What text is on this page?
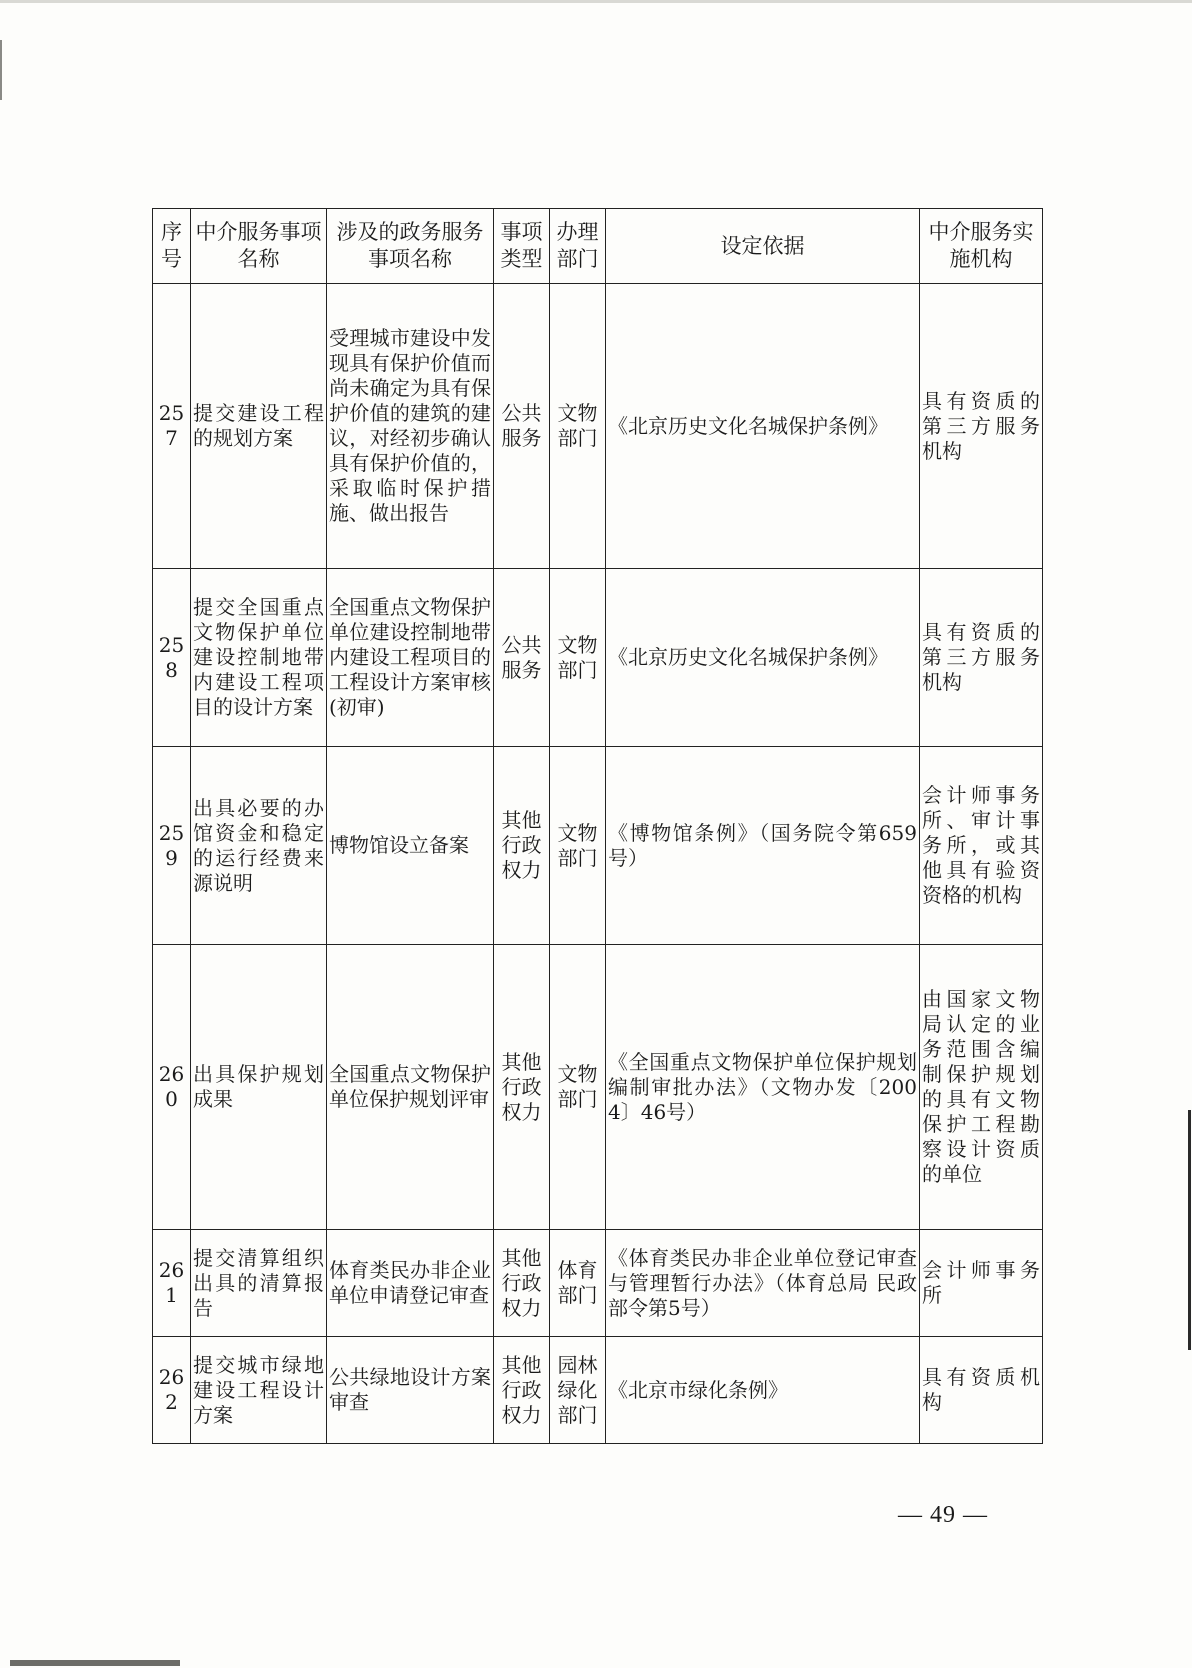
序号	中介服务事项名称	涉及的政务服务事项名称	事项类型	办理部门	设定依据	中介服务实施机构
257	提交建设工程的规划方案	受理城市建设中发现具有保护价值而尚未确定为具有保护价值的建筑的建议，对经初步确认具有保护价值的，采取临时保护措施、做出报告	公共服务	文物部门	《北京历史文化名城保护条例》	具有资质的第三方服务机构
258	提交全国重点文物保护单位建设控制地带内建设工程项目的设计方案	全国重点文物保护单位建设控制地带内建设工程项目的工程设计方案审核(初审)	公共服务	文物部门	《北京历史文化名城保护条例》	具有资质的第三方服务机构
259	出具必要的办馆资金和稳定的运行经费来源说明	博物馆设立备案	其他行政权力	文物部门	《博物馆条例》（国务院令第659号）	会计师事务所、审计事务所，或其他具有验资资格的机构
260	出具保护规划成果	全国重点文物保护单位保护规划评审	其他行政权力	文物部门	《全国重点文物保护单位保护规划编制审批办法》（文物办发〔2004〕46号）	由国家文物局认定的业务范围含编制保护规划的具有文物保护工程勘察设计资质的单位
261	提交清算组织出具的清算报告	体育类民办非企业单位申请登记审查	其他行政权力	体育部门	《体育类民办非企业单位登记审查与管理暂行办法》（体育总局 民政部令第5号）	会计师事务所
262	提交城市绿地建设工程设计方案	公共绿地设计方案审查	其他行政权力	园林绿化部门	《北京市绿化条例》	具有资质机构
— 49 —
